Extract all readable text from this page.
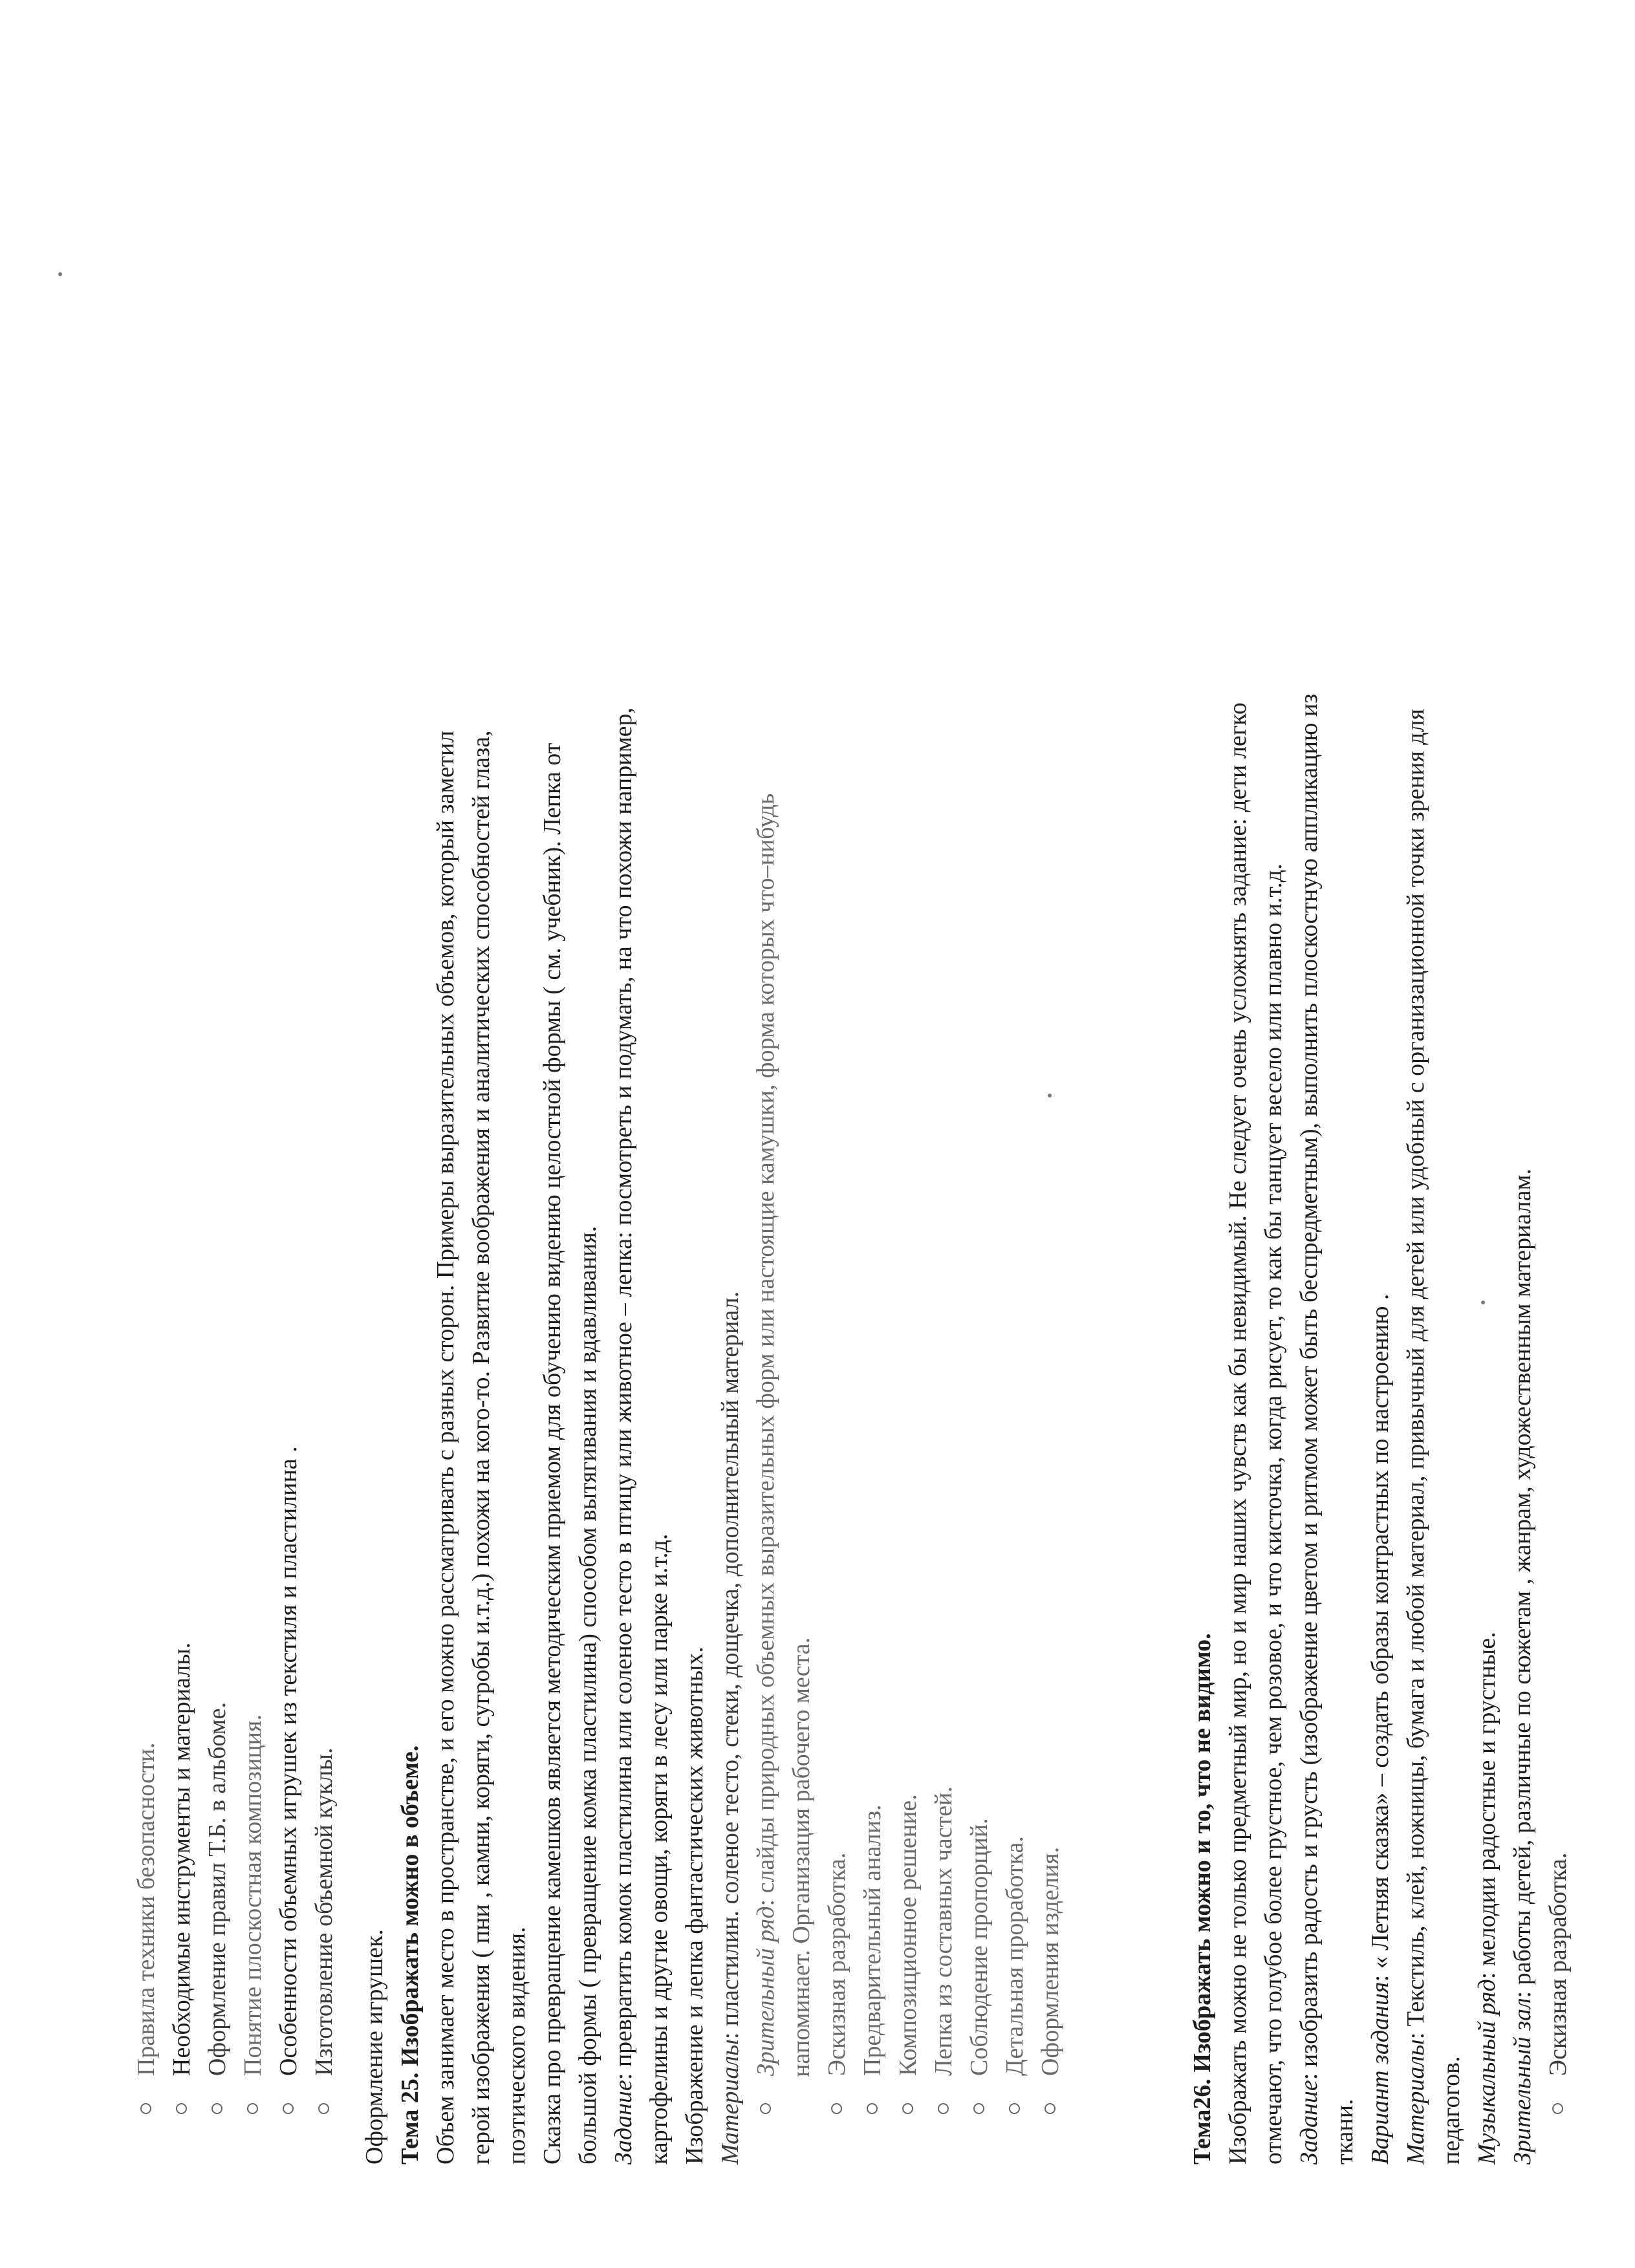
Правила техники безопасности. Необходимые инструменты и материалы. Оформление правил Т.Б. в альбоме. Понятие плоскостная композиция. Особенности объемных игрушек из текстиля и пластилина . Изготовление объемной куклы. Оформление игрушек. Тема 25. Изображать можно в объеме. Объем занимает место в пространстве, и его можно рассматривать с разных сторон. Примеры выразительных объемов, который заметил герой изображения ( пни , камни, коряги, сугробы и.т.д.) похожи на кого-то. Развитие воображения и аналитических способностей глаза, поэтического видения. Сказка про превращение камешков является методическим приемом для обучению видению целостной формы ( см. учебник). Лепка от большой формы ( превращение комка пластилина) способом вытягивания и вдавливания. Задание: превратить комок пластилина или соленое тесто в птицу или животное – лепка: посмотреть и подумать, на что похожи например, картофелины и другие овощи, коряги в лесу или парке и.т.д. Изображение и лепка фантастических животных. Материалы: пластилин. соленое тесто, стеки, дощечка, дополнительный материал. Зрительный ряд: слайды природных объемных выразительных форм или настоящие камушки, форма которых что–нибудь напоминает. Организация рабочего места. Эскизная разработка. Предварительный анализ. Композиционное решение. Лепка из составных частей. Соблюдение пропорций. Детальная проработка. Оформления изделия.	Тема26. Изображать можно и то, что не видимо. Изображать можно не только предметный мир, но и мир наших чувств как бы невидимый. Не следует очень усложнять задание: дети легко отмечают, что голубое более грустное, чем розовое, и что кисточка, когда рисует, то как бы танцует весело или плавно и.т.д. Задание: изобразить радость и грусть (изображение цветом и ритмом может быть беспредметным), выполнить плоскостную аппликацию из
ткани. Вариант задания: « Летняя сказка» – создать образы контрастных по настроению .
Материалы: Текстиль, клей, ножницы, бумага и любой материал, привычный для детей или удобный с организационной точки зрения для
педагогов. Музыкальный ряд: мелодии радостные и грустные.
Зрительный зал: работы детей, различные по сюжетам , жанрам, художественным материалам. Эскизная разработка.
